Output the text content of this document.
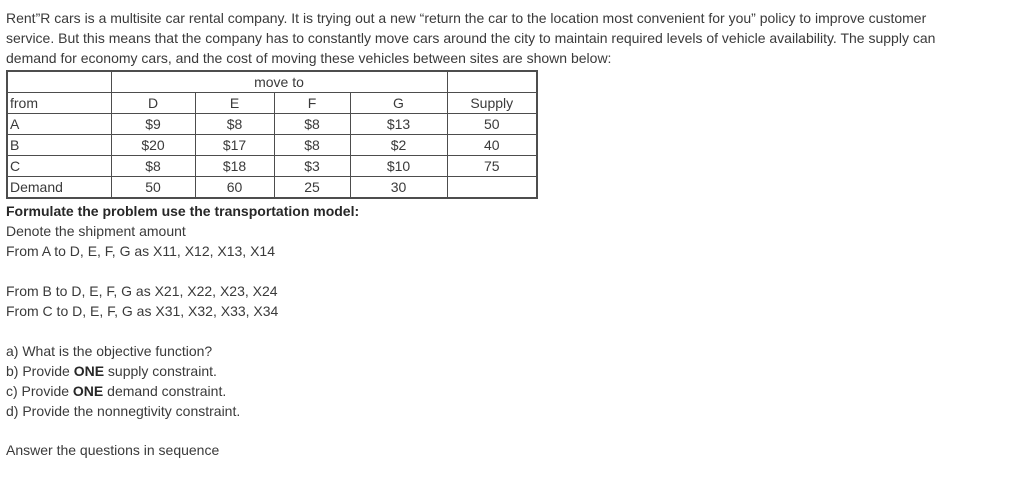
Rent”R cars is a multisite car rental company. It is trying out a new “return the car to the location most convenient for you” policy to improve customer
service. But this means that the company has to constantly move cars around the city to maintain required levels of vehicle availability. The supply can
demand for economy cars, and the cost of moving these vehicles between sites are shown below:
	move to				
from	D	E	F	G	Supply
A	$9	$8	$8	$13	50
B	$20	$17	$8	$2	40
C	$8	$18	$3	$10	75
Demand	50	60	25	30	
Formulate the problem use the transportation model:
Denote the shipment amount
From A to D, E, F, G as X11, X12, X13, X14
From B to D, E, F, G as X21, X22, X23, X24
From C to D, E, F, G as X31, X32, X33, X34
a) What is the objective function?
b) Provide ONE supply constraint.
c) Provide ONE demand constraint.
d) Provide the nonnegtivity constraint.
Answer the questions in sequence
